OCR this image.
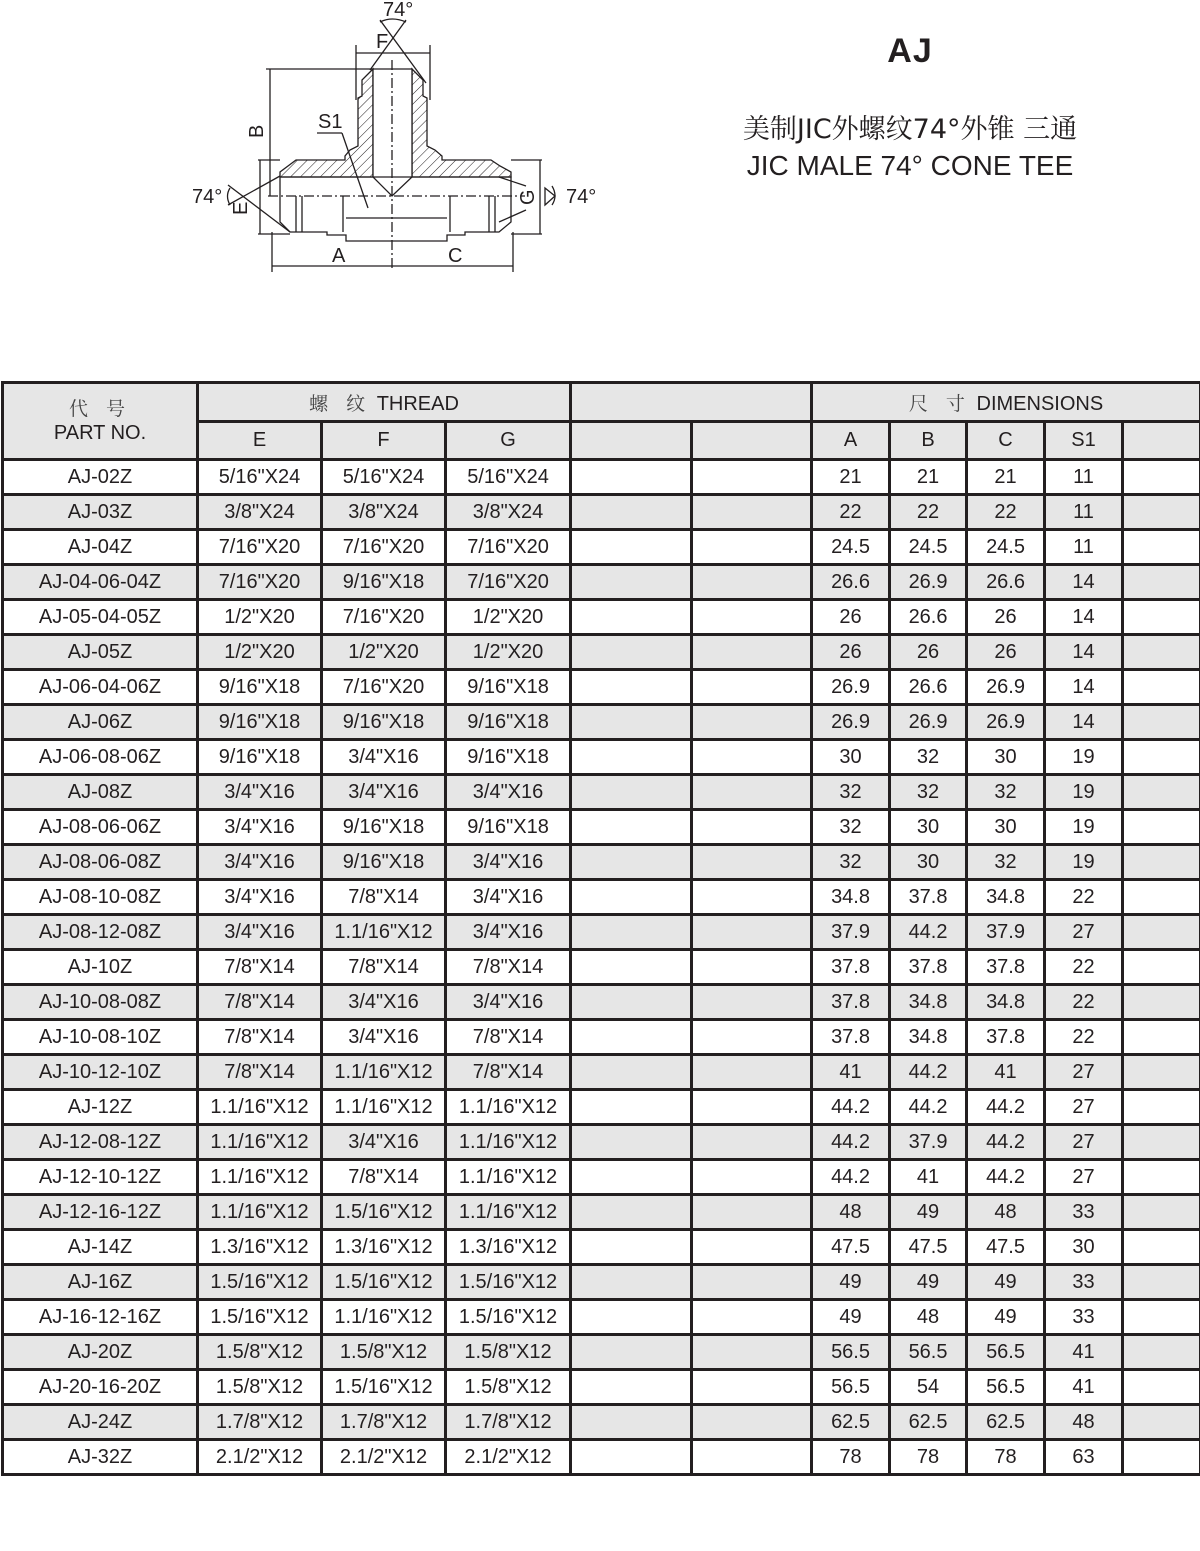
74°
F
S1
74°	74°
A	C
B
E
G
AJ
美制JIC外螺纹74°外锥 三通
JIC MALE 74° CONE TEE
代 号
PART NO.	螺 纹 THREAD					尺 寸 DIMENSIONS				
	E	F	G			A	B	C	S1	
AJ-02Z	5/16"X24	5/16"X24	5/16"X24			21	21	21	11	
AJ-03Z	3/8"X24	3/8"X24	3/8"X24			22	22	22	11	
AJ-04Z	7/16"X20	7/16"X20	7/16"X20			24.5	24.5	24.5	11	
AJ-04-06-04Z	7/16"X20	9/16"X18	7/16"X20			26.6	26.9	26.6	14	
AJ-05-04-05Z	1/2"X20	7/16"X20	1/2"X20			26	26.6	26	14	
AJ-05Z	1/2"X20	1/2"X20	1/2"X20			26	26	26	14	
AJ-06-04-06Z	9/16"X18	7/16"X20	9/16"X18			26.9	26.6	26.9	14	
AJ-06Z	9/16"X18	9/16"X18	9/16"X18			26.9	26.9	26.9	14	
AJ-06-08-06Z	9/16"X18	3/4"X16	9/16"X18			30	32	30	19	
AJ-08Z	3/4"X16	3/4"X16	3/4"X16			32	32	32	19	
AJ-08-06-06Z	3/4"X16	9/16"X18	9/16"X18			32	30	30	19	
AJ-08-06-08Z	3/4"X16	9/16"X18	3/4"X16			32	30	32	19	
AJ-08-10-08Z	3/4"X16	7/8"X14	3/4"X16			34.8	37.8	34.8	22	
AJ-08-12-08Z	3/4"X16	1.1/16"X12	3/4"X16			37.9	44.2	37.9	27	
AJ-10Z	7/8"X14	7/8"X14	7/8"X14			37.8	37.8	37.8	22	
AJ-10-08-08Z	7/8"X14	3/4"X16	3/4"X16			37.8	34.8	34.8	22	
AJ-10-08-10Z	7/8"X14	3/4"X16	7/8"X14			37.8	34.8	37.8	22	
AJ-10-12-10Z	7/8"X14	1.1/16"X12	7/8"X14			41	44.2	41	27	
AJ-12Z	1.1/16"X12	1.1/16"X12	1.1/16"X12			44.2	44.2	44.2	27	
AJ-12-08-12Z	1.1/16"X12	3/4"X16	1.1/16"X12			44.2	37.9	44.2	27	
AJ-12-10-12Z	1.1/16"X12	7/8"X14	1.1/16"X12			44.2	41	44.2	27	
AJ-12-16-12Z	1.1/16"X12	1.5/16"X12	1.1/16"X12			48	49	48	33	
AJ-14Z	1.3/16"X12	1.3/16"X12	1.3/16"X12			47.5	47.5	47.5	30	
AJ-16Z	1.5/16"X12	1.5/16"X12	1.5/16"X12			49	49	49	33	
AJ-16-12-16Z	1.5/16"X12	1.1/16"X12	1.5/16"X12			49	48	49	33	
AJ-20Z	1.5/8"X12	1.5/8"X12	1.5/8"X12			56.5	56.5	56.5	41	
AJ-20-16-20Z	1.5/8"X12	1.5/16"X12	1.5/8"X12			56.5	54	56.5	41	
AJ-24Z	1.7/8"X12	1.7/8"X12	1.7/8"X12			62.5	62.5	62.5	48	
AJ-32Z	2.1/2"X12	2.1/2"X12	2.1/2"X12			78	78	78	63	
